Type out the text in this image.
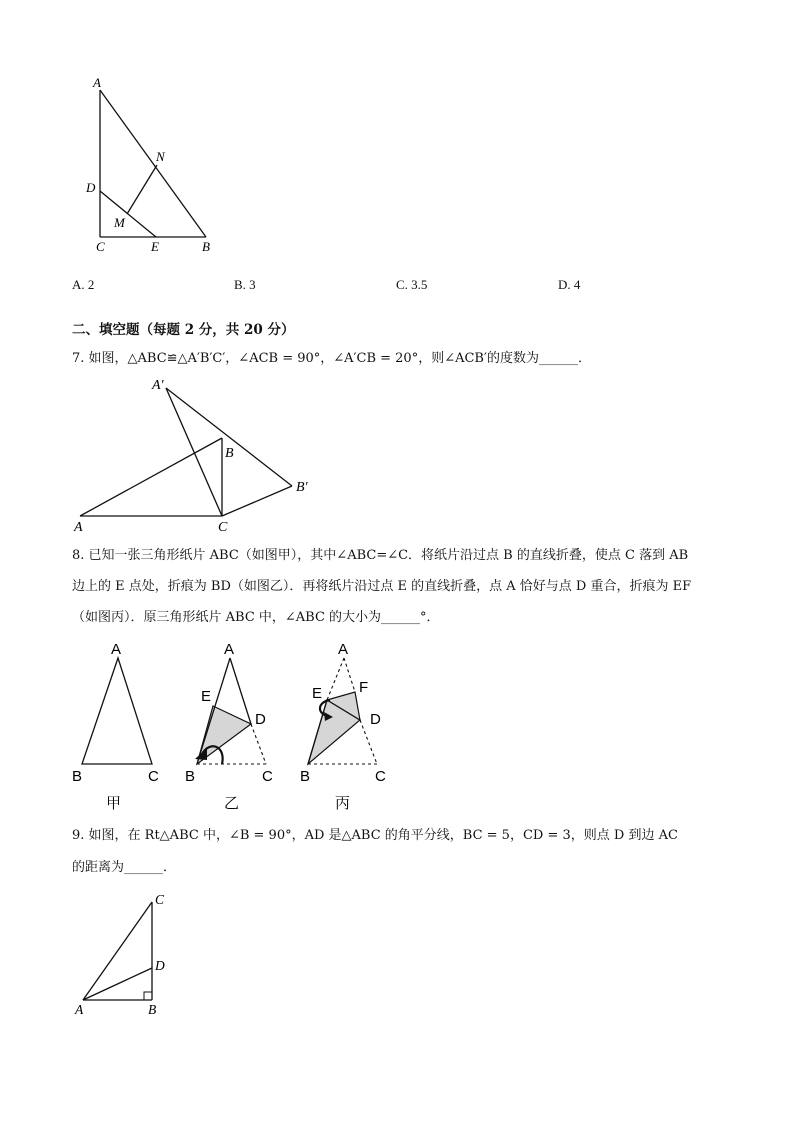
A
N
D
M
C	E	B
A. 2	B. 3	C. 3.5	D. 4
二、填空题（每题 2 分，共 20 分）
7. 如图，△ABC≌△A′B′C′，∠ACB = 90°，∠A′CB = 20°，则∠ACB′的度数为______．
A′
B
B′
A	C
8. 已知一张三角形纸片 ABC（如图甲），其中∠ABC=∠C．将纸片沿过点 B 的直线折叠，使点 C 落到 AB
边上的 E 点处，折痕为 BD（如图乙）．再将纸片沿过点 E 的直线折叠，点 A 恰好与点 D 重合，折痕为 EF
（如图丙）．原三角形纸片 ABC 中，∠ABC 的大小为______°．
A
B	C
甲
A
E
D
B	C
乙
A
E F
D
B	C
丙
9. 如图，在 Rt△ABC 中，∠B = 90°，AD 是△ABC 的角平分线，BC = 5，CD = 3，则点 D 到边 AC
的距离为______．
C
D
A	B
